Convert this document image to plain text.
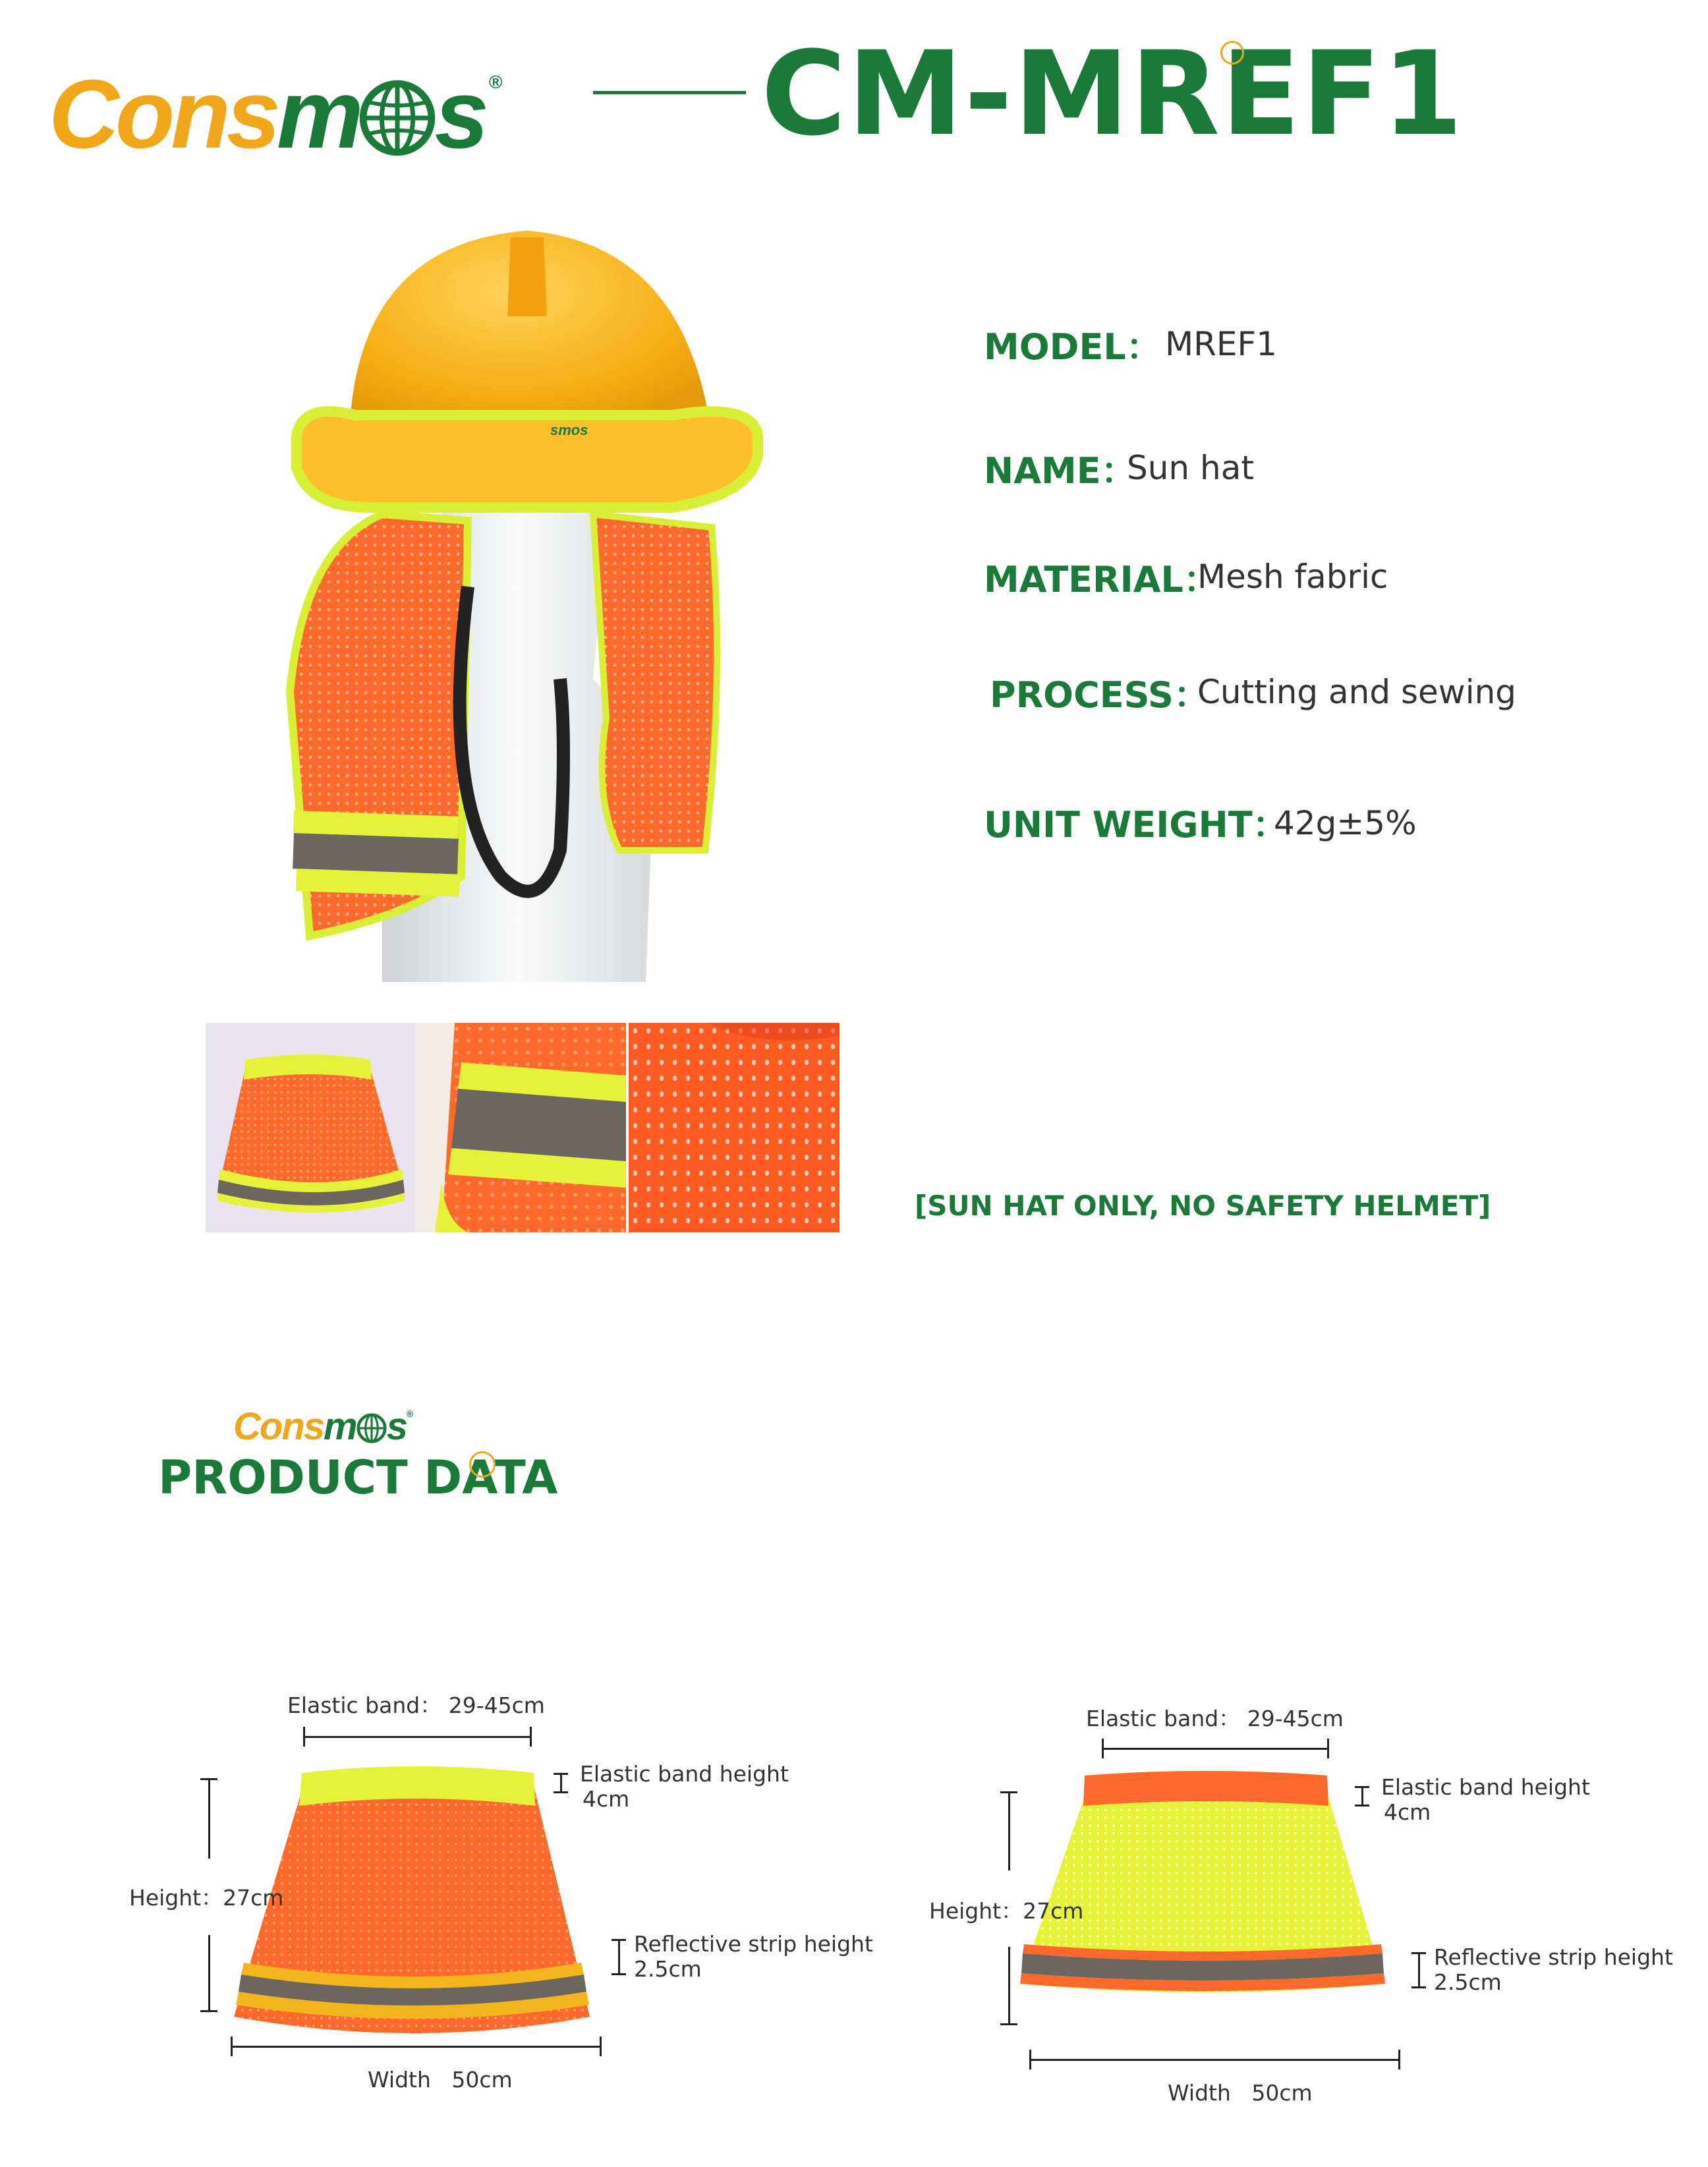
Consm s ® CM-MREF1
smos
MODEL： MREF1
NAME：
Sun hat
MATERIAL：
Mesh fabric
PROCESS：
Cutting and sewing
UNIT WEIGHT：
42g±5%
[SUN HAT ONLY, NO SAFETY HELMET]
Consm s®
PRODUCT DATA
Elastic band： 29-45cm
Elastic band height
4cm
Height：27cm
Reflective strip height
2.5cm
Width 50cm
Elastic band： 29-45cm
Elastic band height
4cm
Height：27cm
Reflective strip height
2.5cm
Width 50cm
